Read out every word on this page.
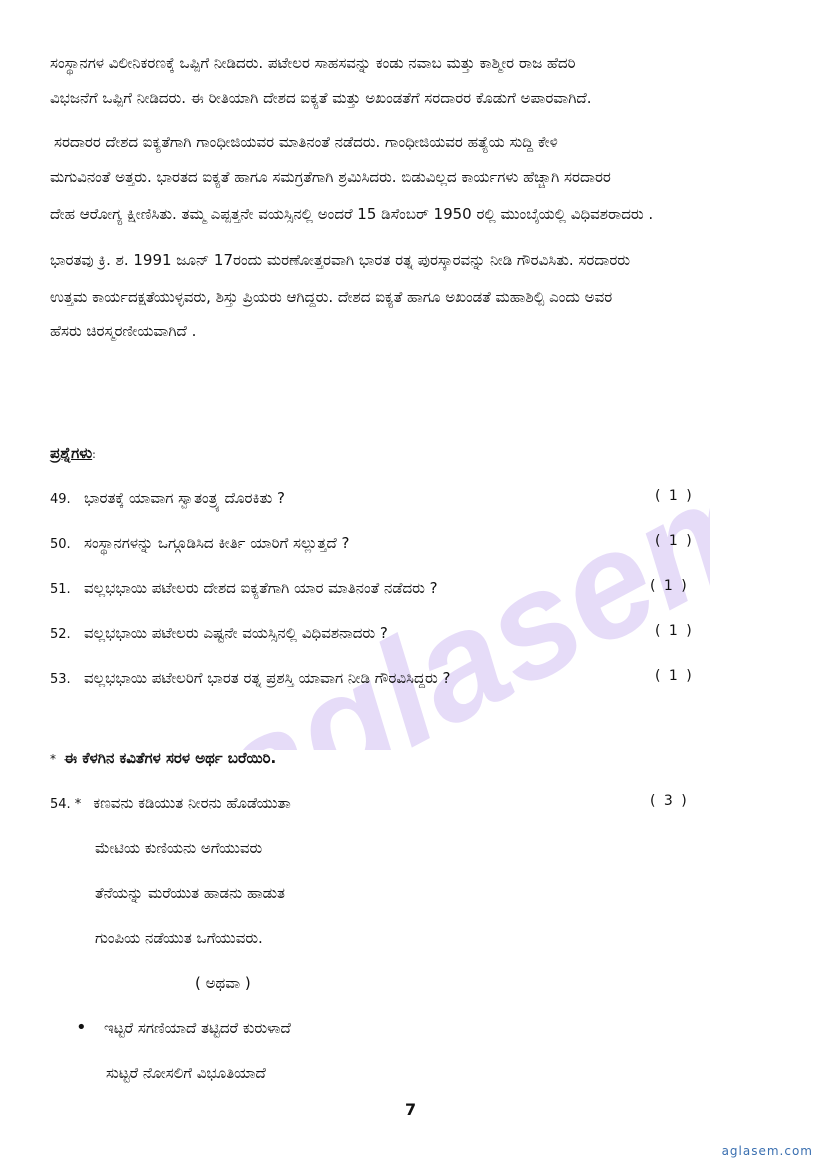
aglasem
ಸಂಸ್ಥಾನಗಳ ವಿಲೀನಿಕರಣಕ್ಕೆ ಒಪ್ಪಿಗೆ ನೀಡಿದರು. ಪಟೇಲರ ಸಾಹಸವನ್ನು ಕಂಡು ನವಾಬ ಮತ್ತು ಕಾಶ್ಮೀರ ರಾಜ ಹೆದರಿ
ವಿಭಜನೆಗೆ ಒಪ್ಪಿಗೆ ನೀಡಿದರು. ಈ ರೀತಿಯಾಗಿ ದೇಶದ ಐಕ್ಯತೆ ಮತ್ತು ಅಖಂಡತೆಗೆ ಸರದಾರರ ಕೊಡುಗೆ ಅಪಾರವಾಗಿದೆ.
ಸರದಾರರ ದೇಶದ ಐಕ್ಯತೆಗಾಗಿ ಗಾಂಧೀಜಿಯವರ ಮಾತಿನಂತೆ ನಡೆದರು. ಗಾಂಧೀಜಿಯವರ ಹತ್ಯೆಯ ಸುದ್ದಿ ಕೇಳಿ
ಮಗುವಿನಂತೆ ಅತ್ತರು. ಭಾರತದ ಐಕ್ಯತೆ ಹಾಗೂ ಸಮಗ್ರತೆಗಾಗಿ ಶ್ರಮಿಸಿದರು. ಬಿಡುವಿಲ್ಲದ ಕಾರ್ಯಗಳು ಹೆಚ್ಚಾಗಿ ಸರದಾರರ
ದೇಹ ಆರೋಗ್ಯ ಕ್ಷೀಣಿಸಿತು. ತಮ್ಮ ಎಪ್ಪತ್ತನೇ ವಯಸ್ಸಿನಲ್ಲಿ ಅಂದರೆ 15 ಡಿಸೆಂಬರ್ 1950 ರಲ್ಲಿ ಮುಂಬೈಯಲ್ಲಿ ವಿಧಿವಶರಾದರು .
ಭಾರತವು ಕ್ರಿ. ಶ. 1991 ಜೂನ್ 17ರಂದು ಮರಣೋತ್ತರವಾಗಿ ಭಾರತ ರತ್ನ ಪುರಸ್ಕಾರವನ್ನು ನೀಡಿ ಗೌರವಿಸಿತು. ಸರದಾರರು
ಉತ್ತಮ ಕಾರ್ಯದಕ್ಷತೆಯುಳ್ಳವರು, ಶಿಸ್ತು ಪ್ರಿಯರು ಆಗಿದ್ದರು. ದೇಶದ ಐಕ್ಯತೆ ಹಾಗೂ ಅಖಂಡತೆ ಮಹಾಶಿಲ್ಪಿ ಎಂದು ಅವರ
ಹೆಸರು ಚಿರಸ್ಮರಣೀಯವಾಗಿದೆ .
ಪ್ರಶ್ನೆಗಳು:
49. ಭಾರತಕ್ಕೆ ಯಾವಾಗ ಸ್ವಾತಂತ್ರ್ಯ ದೊರಕಿತು ?	( 1 )
50. ಸಂಸ್ಥಾನಗಳನ್ನು ಒಗ್ಗೂಡಿಸಿದ ಕೀರ್ತಿ ಯಾರಿಗೆ ಸಲ್ಲುತ್ತದೆ ?	( 1 )
51. ವಲ್ಲಭಭಾಯಿ ಪಟೇಲರು ದೇಶದ ಐಕ್ಯತೆಗಾಗಿ ಯಾರ ಮಾತಿನಂತೆ ನಡೆದರು ?	( 1 )
52. ವಲ್ಲಭಭಾಯಿ ಪಟೇಲರು ಎಷ್ಟನೇ ವಯಸ್ಸಿನಲ್ಲಿ ವಿಧಿವಶನಾದರು ?	( 1 )
53. ವಲ್ಲಭಭಾಯಿ ಪಟೇಲರಿಗೆ ಭಾರತ ರತ್ನ ಪ್ರಶಸ್ತಿ ಯಾವಾಗ ನೀಡಿ ಗೌರವಿಸಿದ್ದರು ?	( 1 )
* ಈ ಕೆಳಗಿನ ಕವಿತೆಗಳ ಸರಳ ಅರ್ಥ ಬರೆಯಿರಿ.
54. * ಕಣವನು ಕಡಿಯುತ ನೀರನು ಹೊಡೆಯುತಾ	( 3 )
ಮೇಟಿಯ ಕುಣಿಯನು ಅಗೆಯುವರು
ತೆನೆಯನ್ನು ಮರೆಯುತ ಹಾಡನು ಹಾಡುತ
ಗುಂಪಿಯ ನಡೆಯುತ ಒಗೆಯುವರು.
( ಅಥವಾ )
• ಇಟ್ಟರೆ ಸಗಣಿಯಾದೆ ತಟ್ಟಿದರೆ ಕುರುಳಾದೆ
ಸುಟ್ಟರೆ ನೋಸಲಿಗೆ ವಿಭೂತಿಯಾದೆ
7
aglasem.com
